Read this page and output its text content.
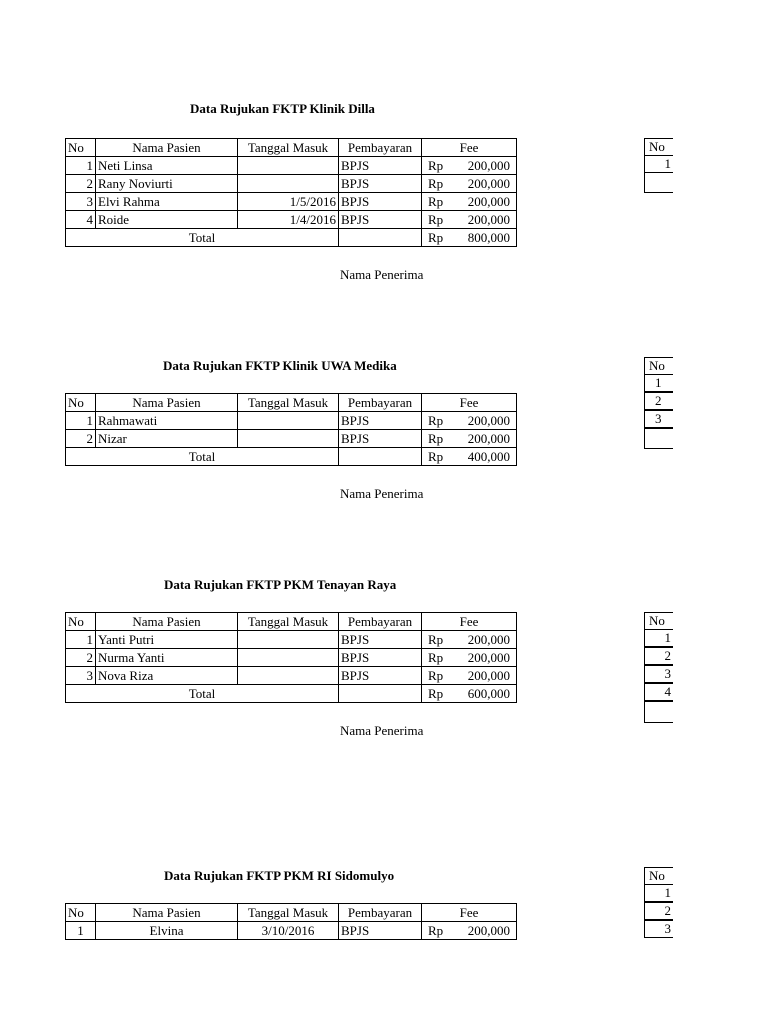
Data Rujukan FKTP Klinik Dilla
No	Nama Pasien	Tanggal Masuk	Pembayaran	Fee
1	Neti Linsa		BPJS	Rp 200,000

2	Rany Noviurti		BPJS	Rp 200,000

3	Elvi Rahma	1/5/2016	BPJS	Rp 200,000

4	Roide	1/4/2016	BPJS	Rp 200,000

Total				Rp 800,000
Nama Penerima
Data Rujukan FKTP Klinik UWA Medika
No	Nama Pasien	Tanggal Masuk	Pembayaran	Fee
1	Rahmawati		BPJS	Rp 200,000

2	Nizar		BPJS	Rp 200,000

Total				Rp 400,000
Nama Penerima
Data Rujukan FKTP PKM Tenayan Raya
No	Nama Pasien	Tanggal Masuk	Pembayaran	Fee
1	Yanti Putri		BPJS	Rp 200,000

2	Nurma Yanti		BPJS	Rp 200,000

3	Nova Riza		BPJS	Rp 200,000

Total				Rp 600,000
Nama Penerima
Data Rujukan FKTP PKM RI Sidomulyo
No	Nama Pasien	Tanggal Masuk	Pembayaran	Fee
1	Elvina	3/10/2016	BPJS	Rp 200,000
No
1
No
1
2
3
No
1
2
3
4
No
1
2
3
